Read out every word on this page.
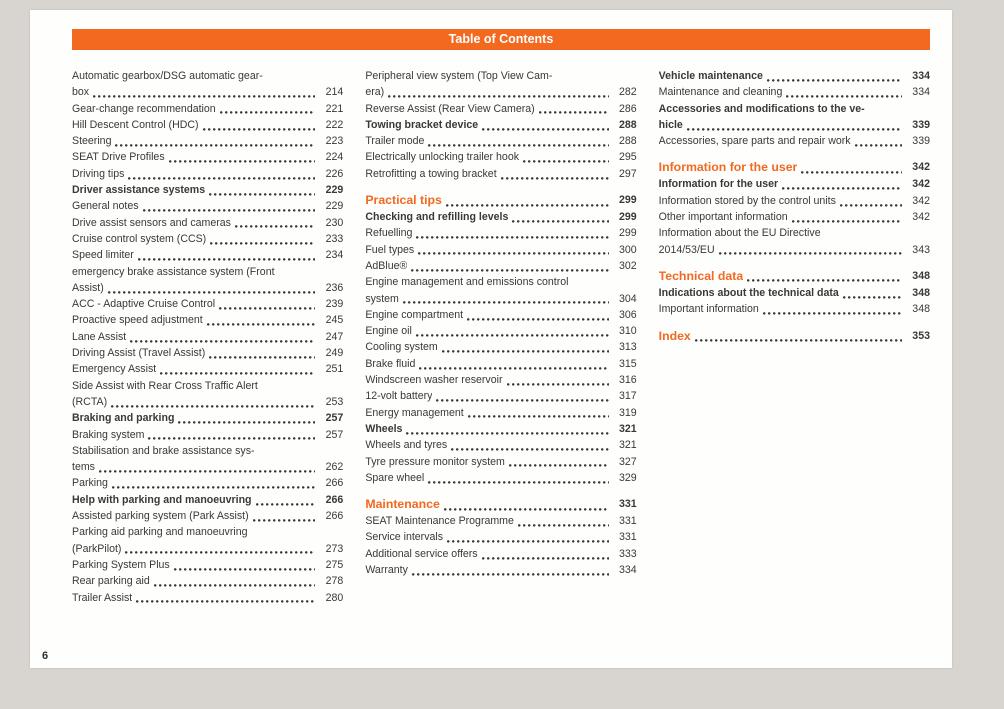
Table of Contents
Automatic gearbox/DSG automatic gear-
box	214
Gear-change recommendation	221
Hill Descent Control (HDC)	222
Steering	223
SEAT Drive Profiles	224
Driving tips	226
Driver assistance systems	229
General notes	229
Drive assist sensors and cameras	230
Cruise control system (CCS)	233
Speed limiter	234
emergency brake assistance system (Front
Assist)	236
ACC - Adaptive Cruise Control	239
Proactive speed adjustment	245
Lane Assist	247
Driving Assist (Travel Assist)	249
Emergency Assist	251
Side Assist with Rear Cross Traffic Alert
(RCTA)	253
Braking and parking	257
Braking system	257
Stabilisation and brake assistance sys-
tems	262
Parking	266
Help with parking and manoeuvring	266
Assisted parking system (Park Assist)	266
Parking aid parking and manoeuvring
(ParkPilot)	273
Parking System Plus	275
Rear parking aid	278
Trailer Assist	280
Peripheral view system (Top View Cam-
era)	282
Reverse Assist (Rear View Camera)	286
Towing bracket device	288
Trailer mode	288
Electrically unlocking trailer hook	295
Retrofitting a towing bracket	297
Practical tips	299
Checking and refilling levels	299
Refuelling	299
Fuel types	300
AdBlue®	302
Engine management and emissions control
system	304
Engine compartment	306
Engine oil	310
Cooling system	313
Brake fluid	315
Windscreen washer reservoir	316
12-volt battery	317
Energy management	319
Wheels	321
Wheels and tyres	321
Tyre pressure monitor system	327
Spare wheel	329
Maintenance	331
SEAT Maintenance Programme	331
Service intervals	331
Additional service offers	333
Warranty	334
Vehicle maintenance	334
Maintenance and cleaning	334
Accessories and modifications to the ve-
hicle	339
Accessories, spare parts and repair work	339
Information for the user	342
Information for the user	342
Information stored by the control units	342
Other important information	342
Information about the EU Directive
2014/53/EU	343
Technical data	348
Indications about the technical data	348
Important information	348
Index	353
6
